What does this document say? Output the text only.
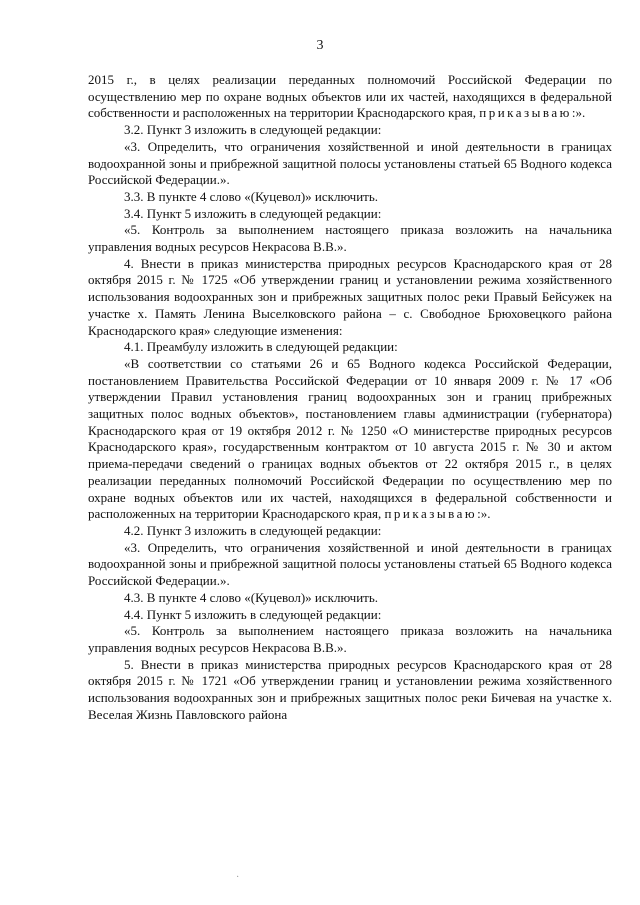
3

2015 г., в целях реализации переданных полномочий Российской Федерации по осуществлению мер по охране водных объектов или их частей, находящихся в федеральной собственности и расположенных на территории Краснодарского края, приказываю:».

3.2. Пункт 3 изложить в следующей редакции:

«3. Определить, что ограничения хозяйственной и иной деятельности в границах водоохранной зоны и прибрежной защитной полосы установлены статьей 65 Водного кодекса Российской Федерации.».

3.3. В пункте 4 слово «(Куцевол)» исключить.

3.4. Пункт 5 изложить в следующей редакции:

«5. Контроль за выполнением настоящего приказа возложить на начальника управления водных ресурсов Некрасова В.В.».

4. Внести в приказ министерства природных ресурсов Краснодарского края от 28 октября 2015 г. № 1725 «Об утверждении границ и установлении режима хозяйственного использования водоохранных зон и прибрежных защитных полос реки Правый Бейсужек на участке х. Память Ленина Выселковского района – с. Свободное Брюховецкого района Краснодарского края» следующие изменения:

4.1. Преамбулу изложить в следующей редакции:

«В соответствии со статьями 26 и 65 Водного кодекса Российской Федерации, постановлением Правительства Российской Федерации от 10 января 2009 г. № 17 «Об утверждении Правил установления границ водоохранных зон и границ прибрежных защитных полос водных объектов», постановлением главы администрации (губернатора) Краснодарского края от 19 октября 2012 г. № 1250 «О министерстве природных ресурсов Краснодарского края», государственным контрактом от 10 августа 2015 г. № 30 и актом приема-передачи сведений о границах водных объектов от 22 октября 2015 г., в целях реализации переданных полномочий Российской Федерации по осуществлению мер по охране водных объектов или их частей, находящихся в федеральной собственности и расположенных на территории Краснодарского края, приказываю:».

4.2. Пункт 3 изложить в следующей редакции:

«3. Определить, что ограничения хозяйственной и иной деятельности в границах водоохранной зоны и прибрежной защитной полосы установлены статьей 65 Водного кодекса Российской Федерации.».

4.3. В пункте 4 слово «(Куцевол)» исключить.

4.4. Пункт 5 изложить в следующей редакции:

«5. Контроль за выполнением настоящего приказа возложить на начальника управления водных ресурсов Некрасова В.В.».

5. Внести в приказ министерства природных ресурсов Краснодарского края от 28 октября 2015 г. № 1721 «Об утверждении границ и установлении режима хозяйственного использования водоохранных зон и прибрежных защитных полос реки Бичевая на участке х. Веселая Жизнь Павловского района

·
